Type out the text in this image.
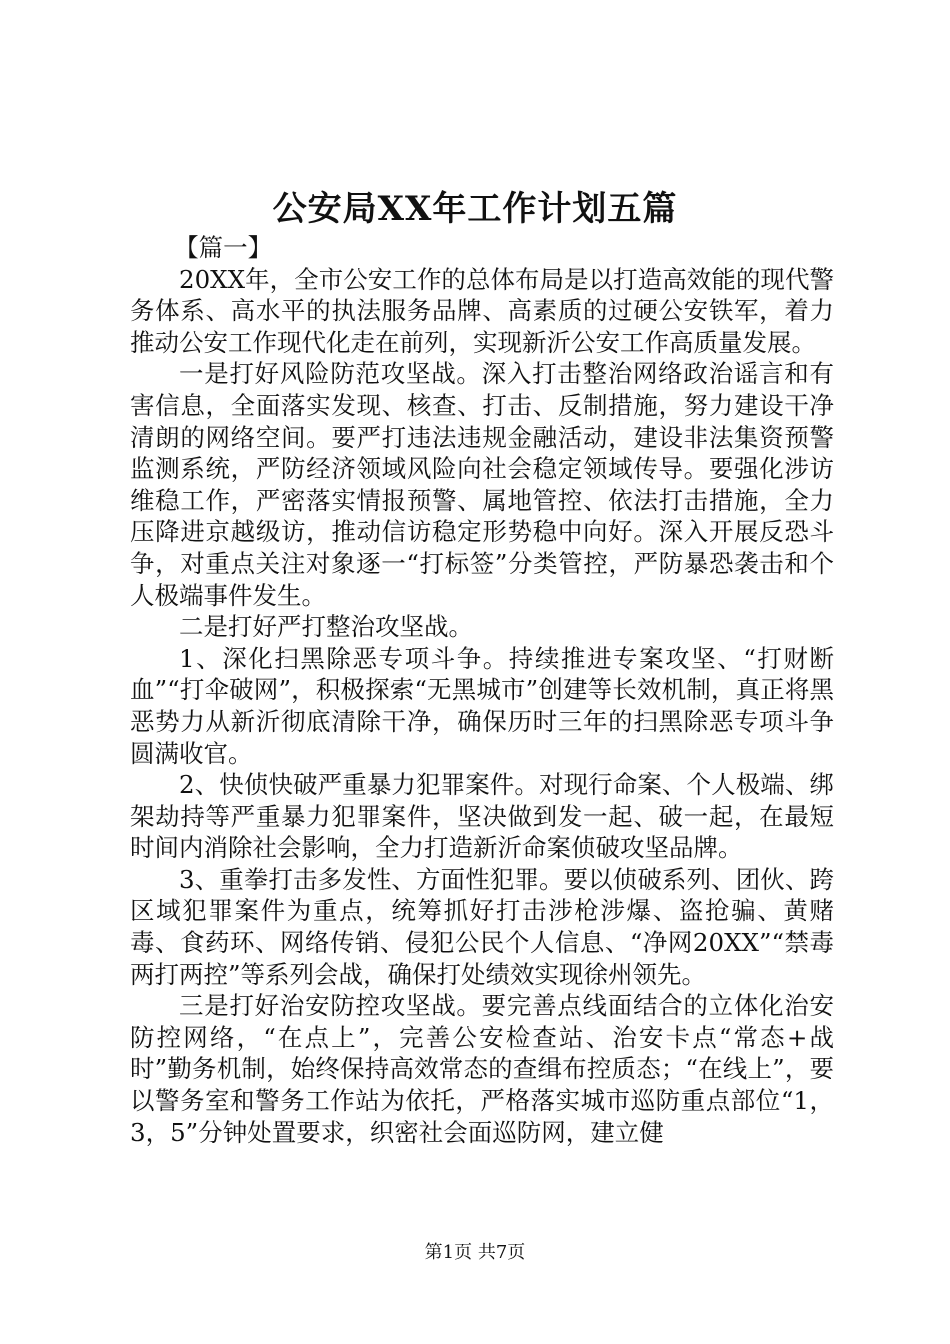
公安局XX年工作计划五篇

【篇一】

20XX年，全市公安工作的总体布局是以打造高效能的现代警务体系、高水平的执法服务品牌、高素质的过硬公安铁军，着力推动公安工作现代化走在前列，实现新沂公安工作高质量发展。

一是打好风险防范攻坚战。深入打击整治网络政治谣言和有害信息，全面落实发现、核查、打击、反制措施，努力建设干净清朗的网络空间。要严打违法违规金融活动，建设非法集资预警监测系统，严防经济领域风险向社会稳定领域传导。要强化涉访维稳工作，严密落实情报预警、属地管控、依法打击措施，全力压降进京越级访，推动信访稳定形势稳中向好。深入开展反恐斗争，对重点关注对象逐一“打标签”分类管控，严防暴恐袭击和个人极端事件发生。

二是打好严打整治攻坚战。

1、深化扫黑除恶专项斗争。持续推进专案攻坚、“打财断血”“打伞破网”，积极探索“无黑城市”创建等长效机制，真正将黑恶势力从新沂彻底清除干净，确保历时三年的扫黑除恶专项斗争圆满收官。

2、快侦快破严重暴力犯罪案件。对现行命案、个人极端、绑架劫持等严重暴力犯罪案件，坚决做到发一起、破一起，在最短时间内消除社会影响，全力打造新沂命案侦破攻坚品牌。

3、重拳打击多发性、方面性犯罪。要以侦破系列、团伙、跨区域犯罪案件为重点，统筹抓好打击涉枪涉爆、盗抢骗、黄赌毒、食药环、网络传销、侵犯公民个人信息、“净网20XX”“禁毒两打两控”等系列会战，确保打处绩效实现徐州领先。

三是打好治安防控攻坚战。要完善点线面结合的立体化治安防控网络，“在点上”，完善公安检查站、治安卡点“常态+战时”勤务机制，始终保持高效常态的查缉布控质态；“在线上”，要以警务室和警务工作站为依托，严格落实城市巡防重点部位“1，3，5”分钟处置要求，织密社会面巡防网，建立健

第1页 共7页
